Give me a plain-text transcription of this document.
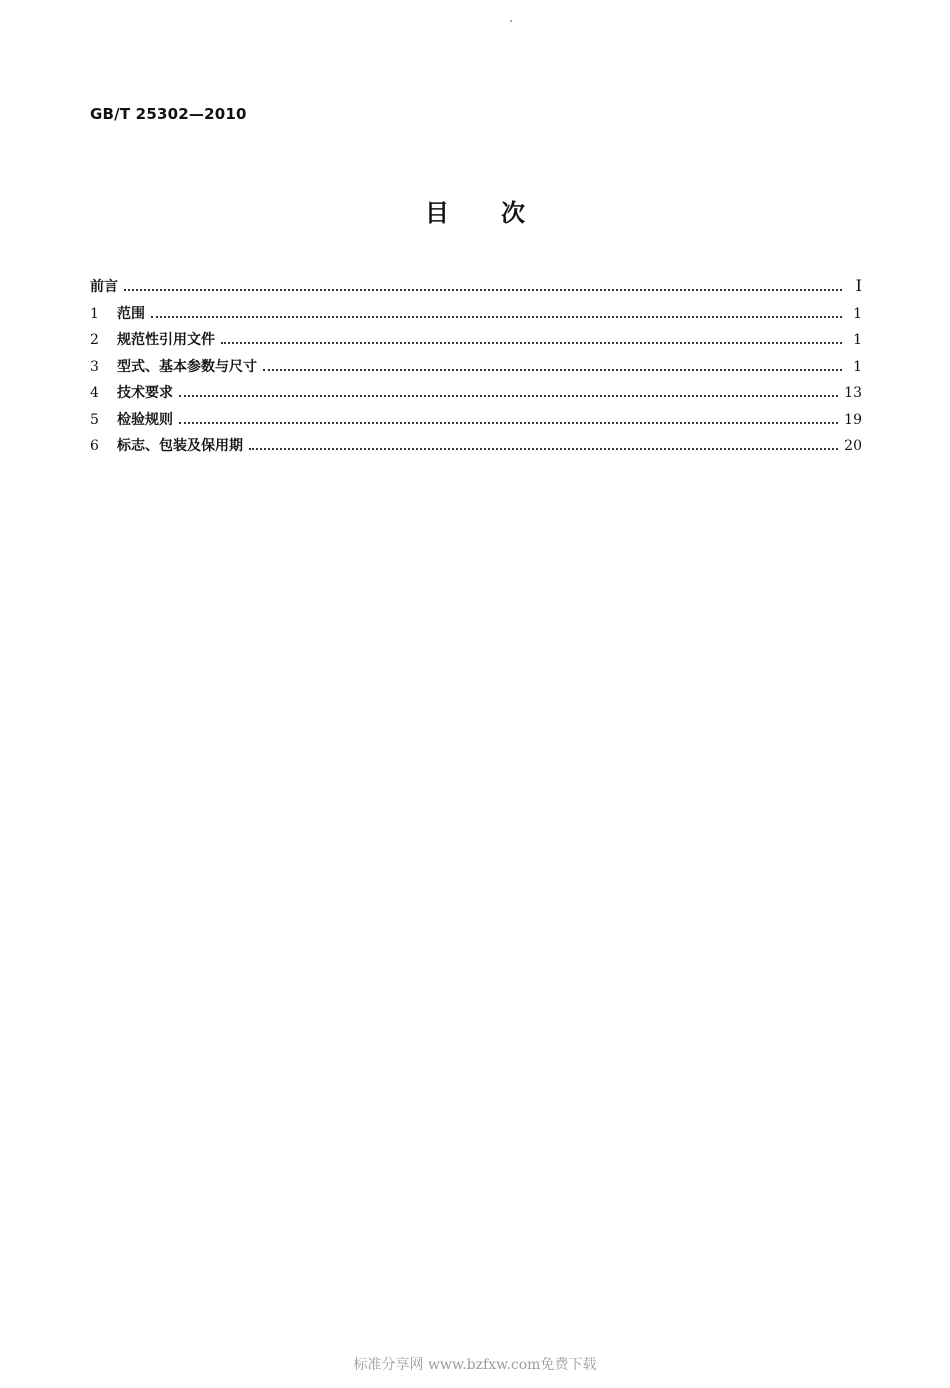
GB/T 25302—2010
目次
前言	I
1	范围	1
2	规范性引用文件	1
3	型式、基本参数与尺寸	1
4	技术要求	13
5	检验规则	19
6	标志、包装及保用期	20
标准分享网 www.bzfxw.com免费下载
